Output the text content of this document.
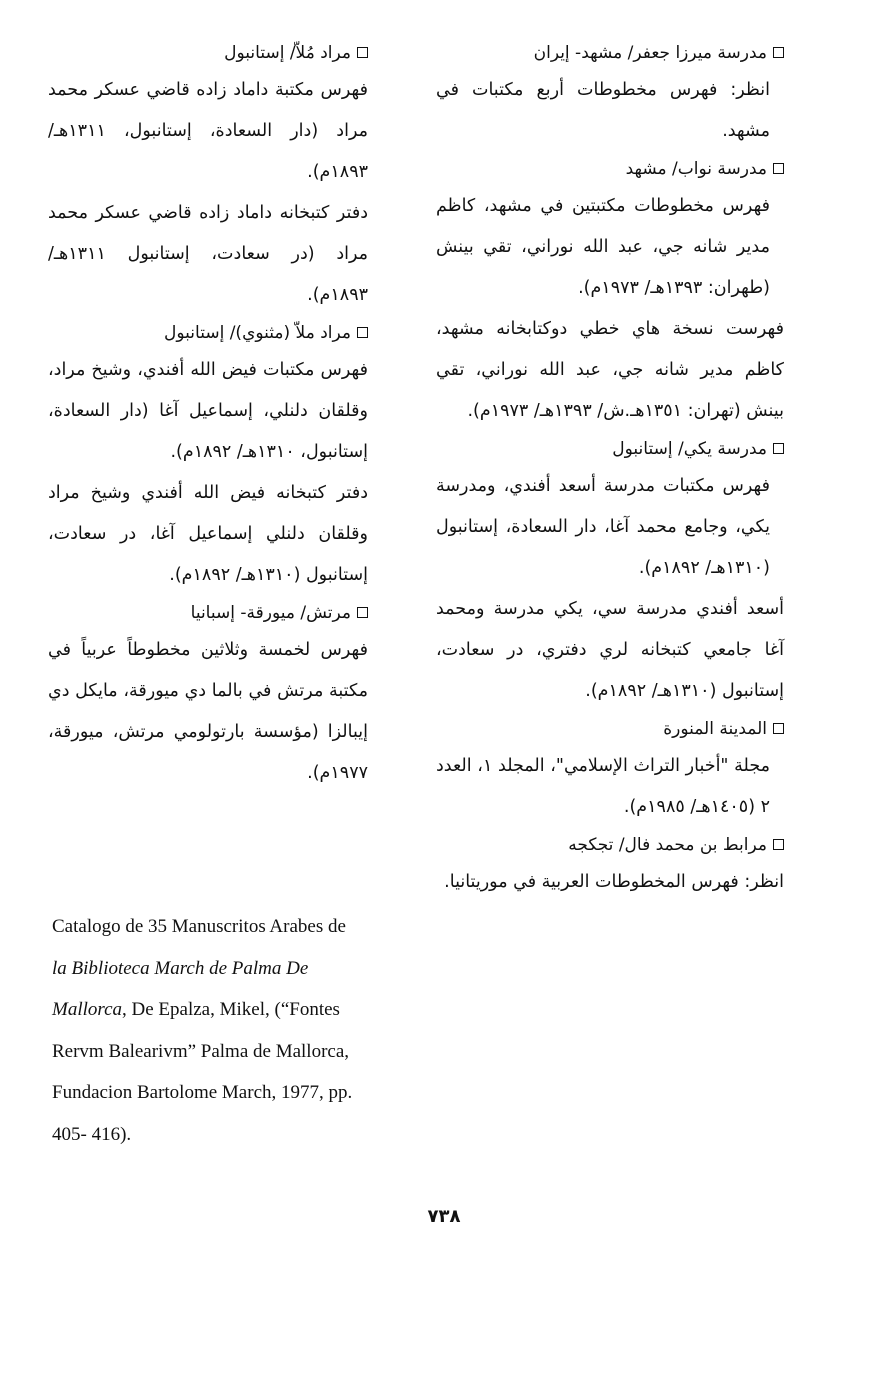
مدرسة ميرزا جعفر/ مشهد- إيران

انظر: فهرس مخطوطات أربع مكتبات في مشهد.

مدرسة نواب/ مشهد

فهرس مخطوطات مكتبتين في مشهد، كاظم مدير شانه جي، عبد الله نوراني، تقي بينش (طهران: ١٣٩٣هـ/ ١٩٧٣م).

فهرست نسخة هاي خطي دوكتابخانه مشهد، كاظم مدير شانه جي، عبد الله نوراني، تقي بينش (تهران: ١٣٥١هـ.ش/ ١٣٩٣هـ/ ١٩٧٣م).

مدرسة يكي/ إستانبول

فهرس مكتبات مدرسة أسعد أفندي، ومدرسة يكي، وجامع محمد آغا، دار السعادة، إستانبول (١٣١٠هـ/ ١٨٩٢م).

أسعد أفندي مدرسة سي، يكي مدرسة ومحمد آغا جامعي كتبخانه لري دفتري، در سعادت، إستانبول (١٣١٠هـ/ ١٨٩٢م).

المدينة المنورة

مجلة "أخبار التراث الإسلامي"، المجلد ١، العدد ٢ (١٤٠٥هـ/ ١٩٨٥م).

مرابط بن محمد فال/ تجكجه

انظر: فهرس المخطوطات العربية في موريتانيا.

مراد مُلاّ/ إستانبول

فهرس مكتبة داماد زاده قاضي عسكر محمد مراد (دار السعادة، إستانبول، ١٣١١هـ/ ١٨٩٣م).

دفتر كتبخانه داماد زاده قاضي عسكر محمد مراد (در سعادت، إستانبول ١٣١١هـ/ ١٨٩٣م).

مراد ملاّ (مثنوي)/ إستانبول

فهرس مكتبات فيض الله أفندي، وشيخ مراد، وقلقان دلنلي، إسماعيل آغا (دار السعادة، إستانبول، ١٣١٠هـ/ ١٨٩٢م).

دفتر كتبخانه فيض الله أفندي وشيخ مراد وقلقان دلنلي إسماعيل آغا، در سعادت، إستانبول (١٣١٠هـ/ ١٨٩٢م).

مرتش/ ميورقة- إسبانيا

فهرس لخمسة وثلاثين مخطوطاً عربياً في مكتبة مرتش في بالما دي ميورقة، مايكل دي إيبالزا (مؤسسة بارتولومي مرتش، ميورقة، ١٩٧٧م).

Catalogo de 35 Manuscritos Arabes de la Biblioteca March de Palma De Mallorca, De Epalza, Mikel, (“Fontes Rervm Balearivm” Palma de Mallorca, Fundacion Bartolome March, 1977, pp. 405- 416).

٧٣٨
